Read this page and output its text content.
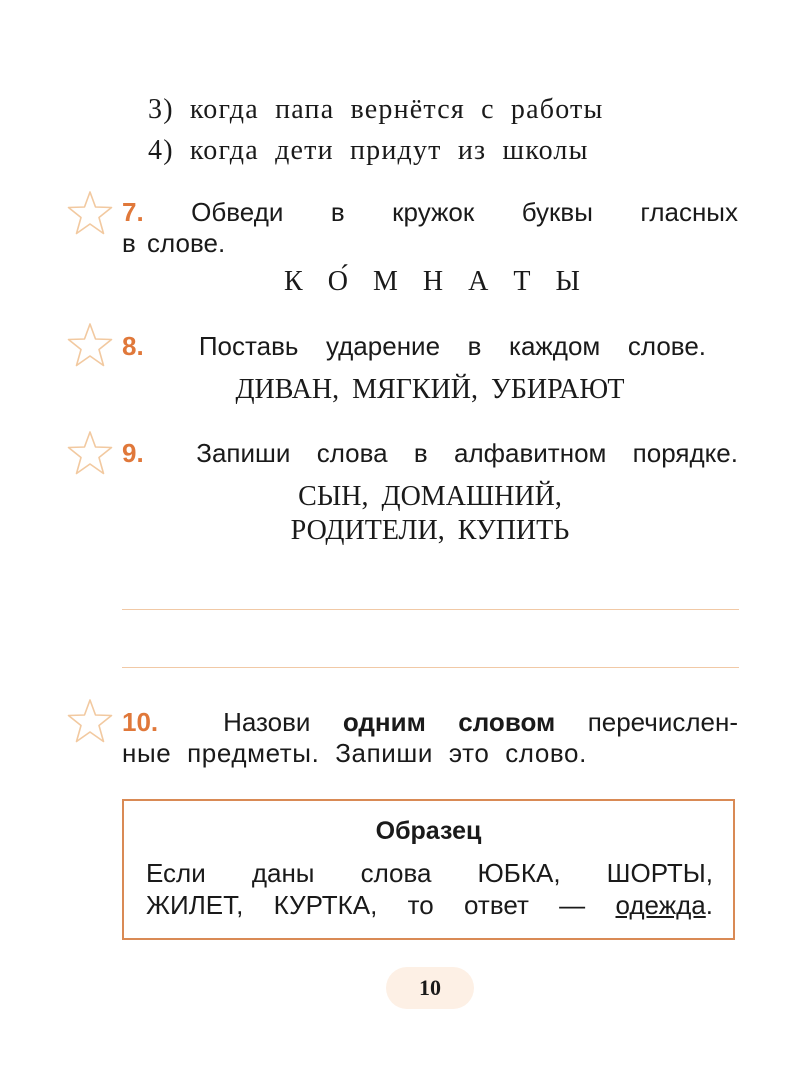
3) когда папа вернётся с работы
4) когда дети придут из школы
7. Обведи в кружок буквы гласных
в слове.
К О́ М Н А Т Ы
8. Поставь ударение в каждом слове.
ДИВАН, МЯГКИЙ, УБИРАЮТ
9. Запиши слова в алфавитном порядке.
СЫН, ДОМАШНИЙ,
РОДИТЕЛИ, КУПИТЬ
10. Назови одним словом перечислен-
ные предметы. Запиши это слово.
Образец
Если даны слова ЮБКА, ШОРТЫ,
ЖИЛЕТ, КУРТКА, то ответ — одежда.
10
